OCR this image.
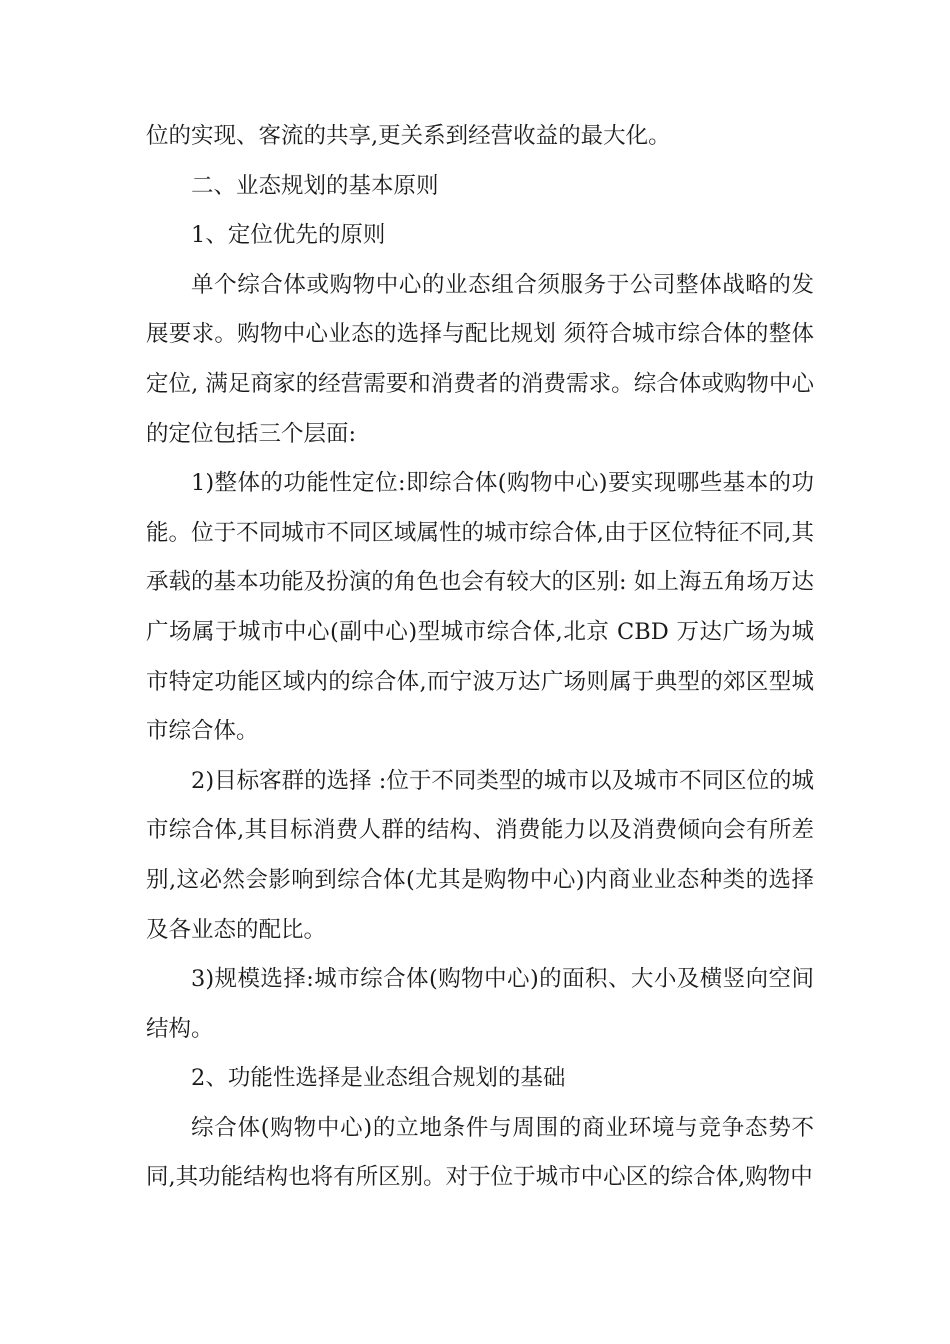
位的实现、客流的共享,更关系到经营收益的最大化。

二、业态规划的基本原则

1、定位优先的原则

单个综合体或购物中心的业态组合须服务于公司整体战略的发展要求。购物中心业态的选择与配比规划 须符合城市综合体的整体定位, 满足商家的经营需要和消费者的消费需求。综合体或购物中心的定位包括三个层面:

1)整体的功能性定位:即综合体(购物中心)要实现哪些基本的功能。位于不同城市不同区域属性的城市综合体,由于区位特征不同,其承载的基本功能及扮演的角色也会有较大的区别: 如上海五角场万达广场属于城市中心(副中心)型城市综合体,北京 CBD 万达广场为城市特定功能区域内的综合体,而宁波万达广场则属于典型的郊区型城市综合体。

2)目标客群的选择 :位于不同类型的城市以及城市不同区位的城市综合体,其目标消费人群的结构、消费能力以及消费倾向会有所差别,这必然会影响到综合体(尤其是购物中心)内商业业态种类的选择及各业态的配比。

3)规模选择:城市综合体(购物中心)的面积、大小及横竖向空间结构。

2、功能性选择是业态组合规划的基础

综合体(购物中心)的立地条件与周围的商业环境与竞争态势不同,其功能结构也将有所区别。对于位于城市中心区的综合体,购物中
